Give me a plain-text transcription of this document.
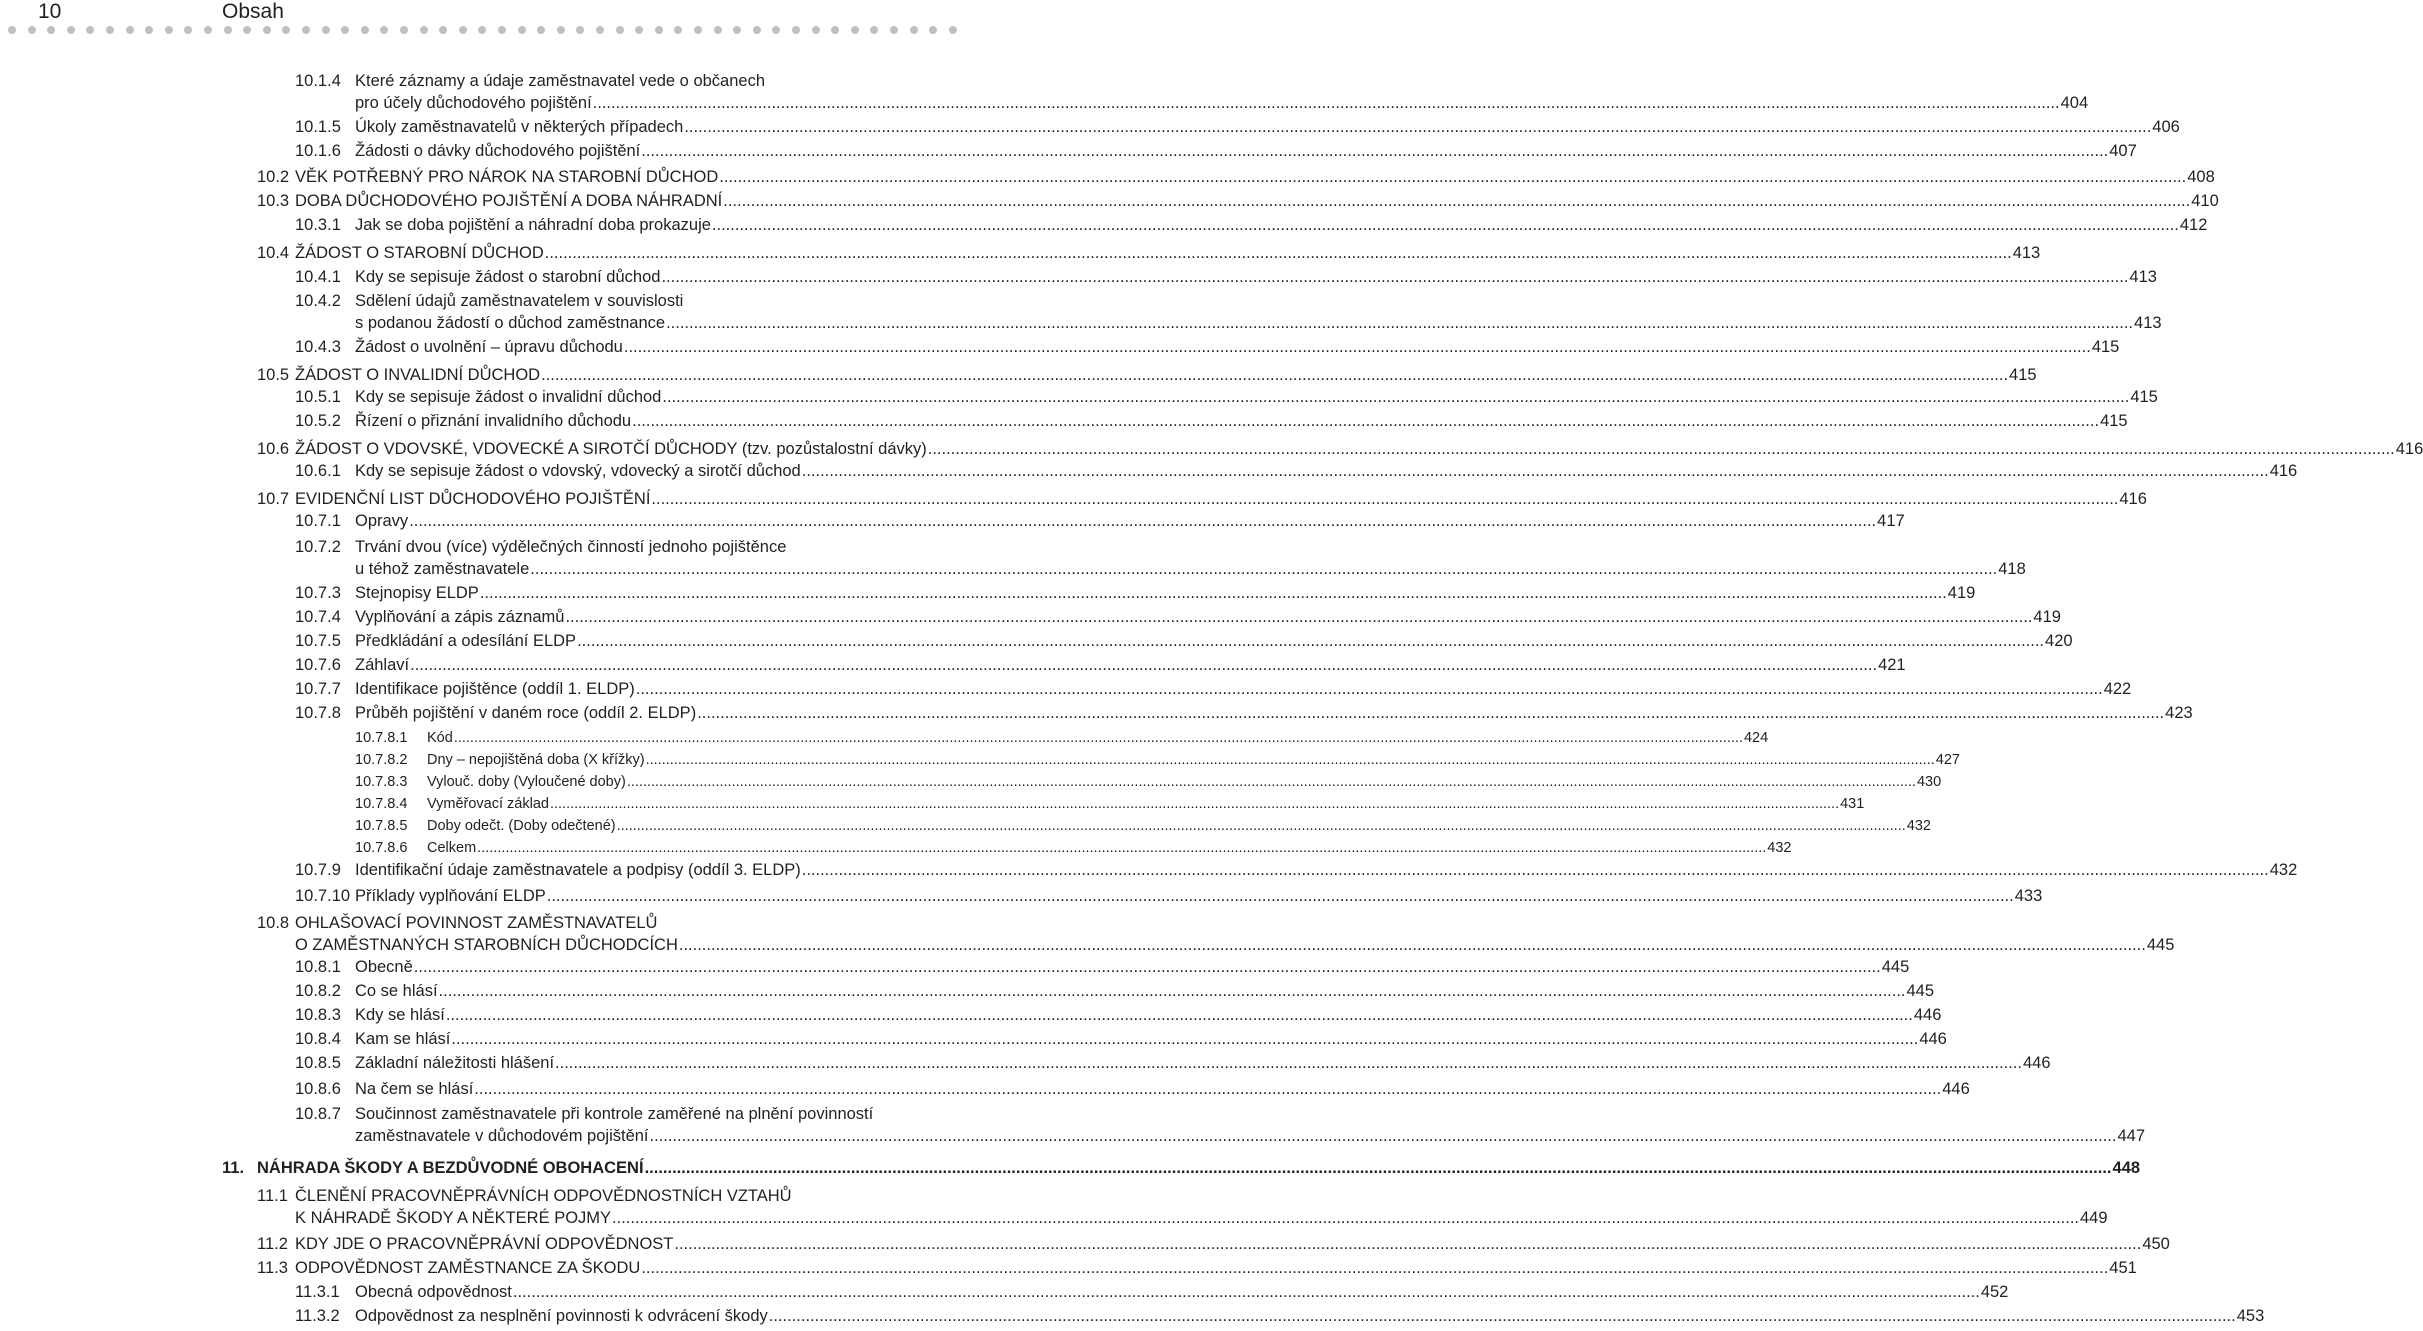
10	Obsah
10.1.4 Které záznamy a údaje zaměstnavatel vede o občanech
pro účely důchodového pojištění .....	404
10.1.5 Úkoly zaměstnavatelů v některých případech .....	406
10.1.6 Žádosti o dávky důchodového pojištění .....	407
10.2 VĚK POTŘEBNÝ PRO NÁROK NA STAROBNÍ DŮCHOD .....	408
10.3 DOBA DŮCHODOVÉHO POJIŠTĚNÍ A DOBA NÁHRADNÍ .....	410
10.3.1 Jak se doba pojištění a náhradní doba prokazuje .....	412
10.4 ŽÁDOST O STAROBNÍ DŮCHOD .....	413
10.4.1 Kdy se sepisuje žádost o starobní důchod .....	413
10.4.2 Sdělení údajů zaměstnavatelem v souvislosti
s podanou žádostí o důchod zaměstnance .....	413
10.4.3 Žádost o uvolnění – úpravu důchodu .....	415
10.5 ŽÁDOST O INVALIDNÍ DŮCHOD .....	415
10.5.1 Kdy se sepisuje žádost o invalidní důchod .....	415
10.5.2 Řízení o přiznání invalidního důchodu .....	415
10.6 ŽÁDOST O VDOVSKÉ, VDOVECKÉ A SIROTČÍ DŮCHODY (tzv. pozůstalostní dávky) .....	416
10.6.1 Kdy se sepisuje žádost o vdovský, vdovecký a sirotčí důchod .....	416
10.7 EVIDENČNÍ LIST DŮCHODOVÉHO POJIŠTĚNÍ .....	416
10.7.1 Opravy .....	417
10.7.2 Trvání dvou (více) výdělečných činností jednoho pojištěnce
u téhož zaměstnavatele .....	418
10.7.3 Stejnopisy ELDP .....	419
10.7.4 Vyplňování a zápis záznamů .....	419
10.7.5 Předkládání a odesílání ELDP .....	420
10.7.6 Záhlaví .....	421
10.7.7 Identifikace pojištěnce (oddíl 1. ELDP) .....	422
10.7.8 Průběh pojištění v daném roce (oddíl 2. ELDP) .....	423
10.7.8.1 Kód .....	424
10.7.8.2 Dny – nepojištěná doba (X křížky) .....	427
10.7.8.3 Vylouč. doby (Vyloučené doby) .....	430
10.7.8.4 Vyměřovací základ .....	431
10.7.8.5 Doby odečt. (Doby odečtené) .....	432
10.7.8.6 Celkem .....	432
10.7.9 Identifikační údaje zaměstnavatele a podpisy (oddíl 3. ELDP) .....	432
10.7.10 Příklady vyplňování ELDP .....	433
10.8 OHLAŠOVACÍ POVINNOST ZAMĚSTNAVATELŮ
O ZAMĚSTNANÝCH STAROBNÍCH DŮCHODCÍCH .....	445
10.8.1 Obecně .....	445
10.8.2 Co se hlásí .....	445
10.8.3 Kdy se hlásí .....	446
10.8.4 Kam se hlásí .....	446
10.8.5 Základní náležitosti hlášení .....	446
10.8.6 Na čem se hlásí .....	446
10.8.7 Součinnost zaměstnavatele při kontrole zaměřené na plnění povinností
zaměstnavatele v důchodovém pojištění .....	447
11. NÁHRADA ŠKODY A BEZDŮVODNÉ OBOHACENÍ .....	448
11.1 ČLENĚNÍ PRACOVNĚPRÁVNÍCH ODPOVĚDNOSTNÍCH VZTAHŮ
K NÁHRADĚ ŠKODY A NĚKTERÉ POJMY .....	449
11.2 KDY JDE O PRACOVNĚPRÁVNÍ ODPOVĚDNOST .....	450
11.3 ODPOVĚDNOST ZAMĚSTNANCE ZA ŠKODU .....	451
11.3.1 Obecná odpovědnost .....	452
11.3.2 Odpovědnost za nesplnění povinnosti k odvrácení škody .....	453
